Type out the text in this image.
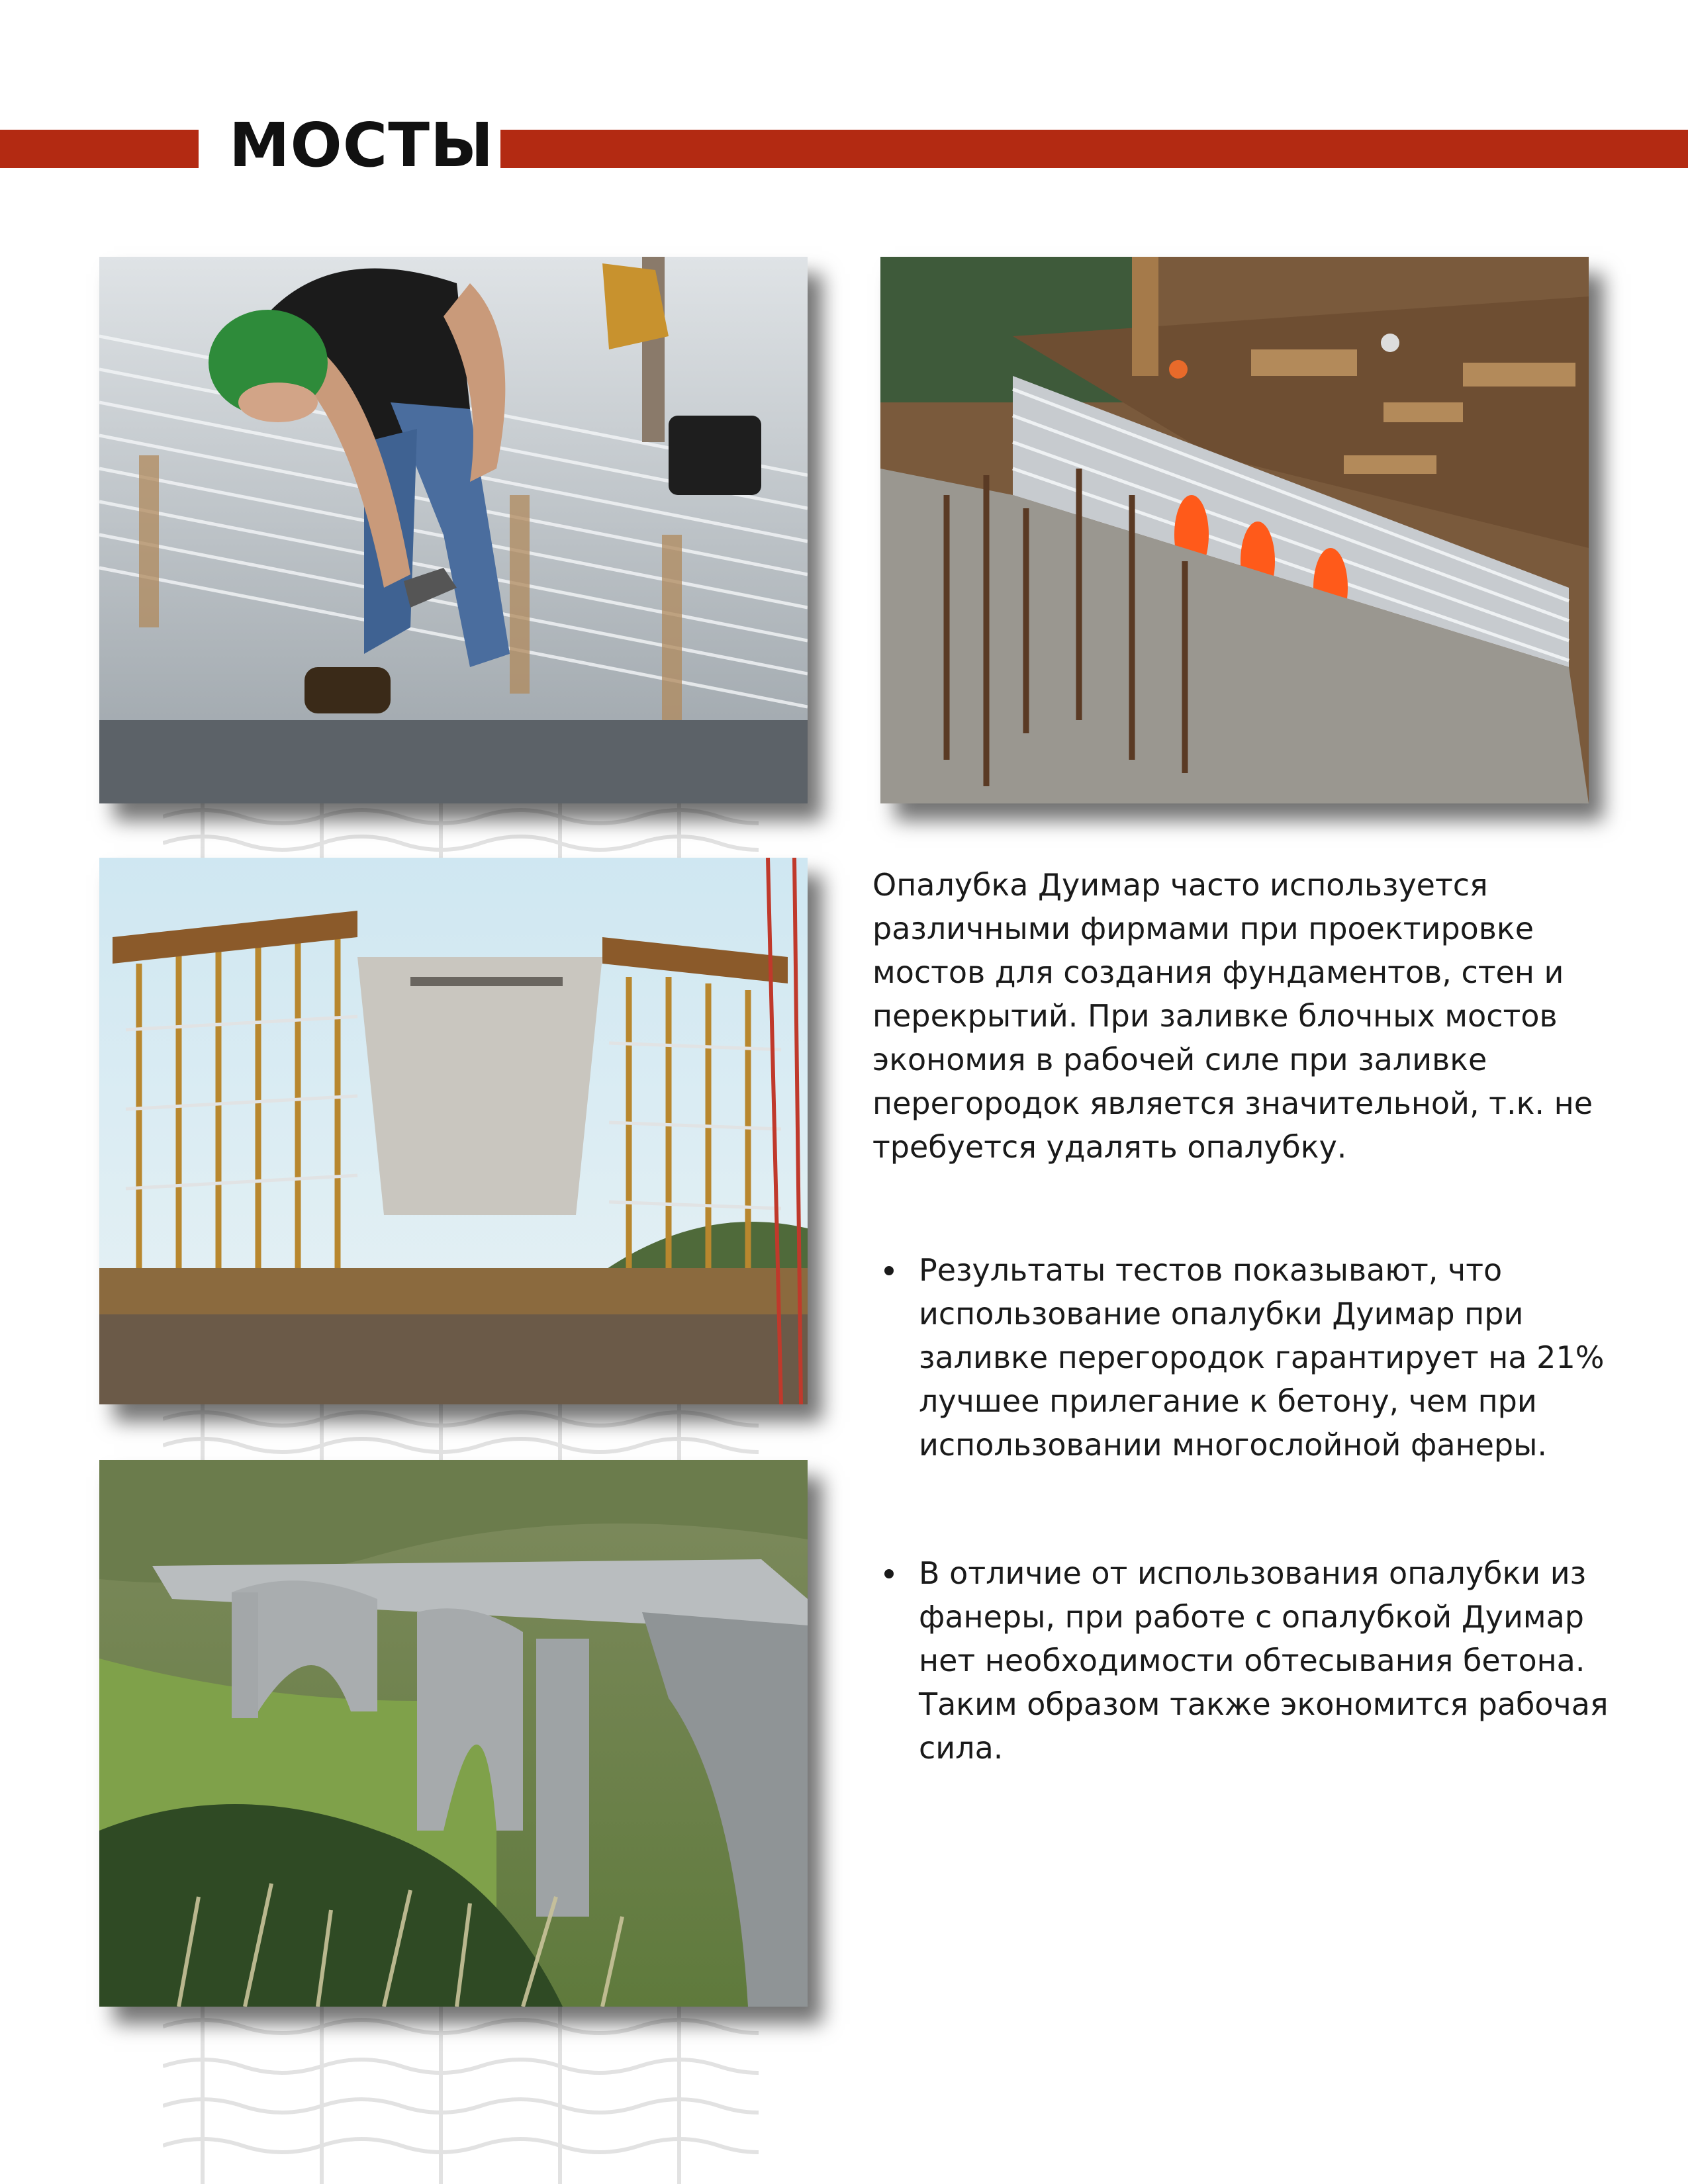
МОСТЫ

Опалубка Дуимар часто используется различными фирмами при проектировке мостов для создания фундаментов, стен и перекрытий. При заливке блочных мостов экономия в рабочей силе при заливке перегородок является значительной, т.к. не требуется удалять опалубку.

Результаты тестов показывают, что использование опалубки Дуимар при заливке перегородок гарантирует на 21% лучшее прилегание к бетону, чем при использовании многослойной фанеры.
В отличие от использования опалубки из фанеры, при работе с опалубкой Дуимар нет необходимости обтесывания бетона. Таким образом также экономится рабочая сила.
